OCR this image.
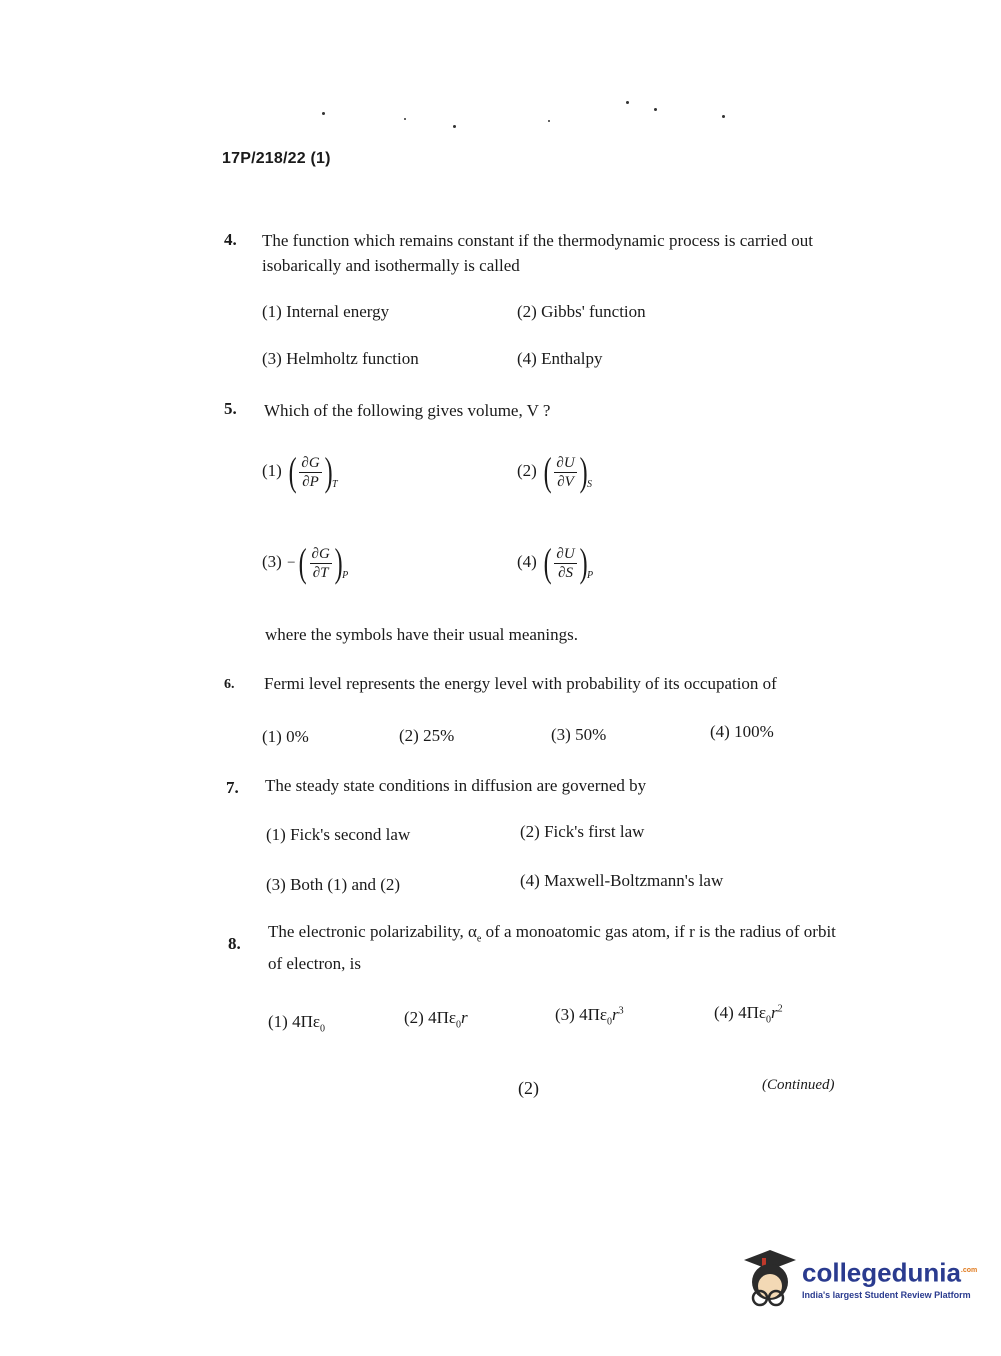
17P/218/22 (1)
4. The function which remains constant if the thermodynamic process is carried out isobarically and isothermally is called
(1) Internal energy	(2) Gibbs' function
(3) Helmholtz function	(4) Enthalpy
5. Which of the following gives volume, V ?
(1) ( $\frac{\partial G}{\partial P}$ ) T
(2) ( $\frac{\partial U}{\partial V}$ ) S
(3) − ( $\frac{\partial G}{\partial T}$ ) P
(4) ( $\frac{\partial U}{\partial S}$ ) P
where the symbols have their usual meanings.
6. Fermi level represents the energy level with probability of its occupation of
(1) 0%	(2) 25%	(3) 50%	(4) 100%
7. The steady state conditions in diffusion are governed by
(1) Fick's second law	(2) Fick's first law
(3) Both (1) and (2)	(4) Maxwell-Boltzmann's law
8.
The electronic polarizability, $\alpha_e$ of a monoatomic gas atom, if r is the radius of orbit of electron, is
(1) $4\Pi\varepsilon_0$
(2) $4\Pi\varepsilon_0r$	(3) $4\Pi\varepsilon_0r^3$	(4) $4\Pi\varepsilon_0r^2$
(2)	(Continued)
collegedunia$^{.com}$
India's largest Student Review Platform
